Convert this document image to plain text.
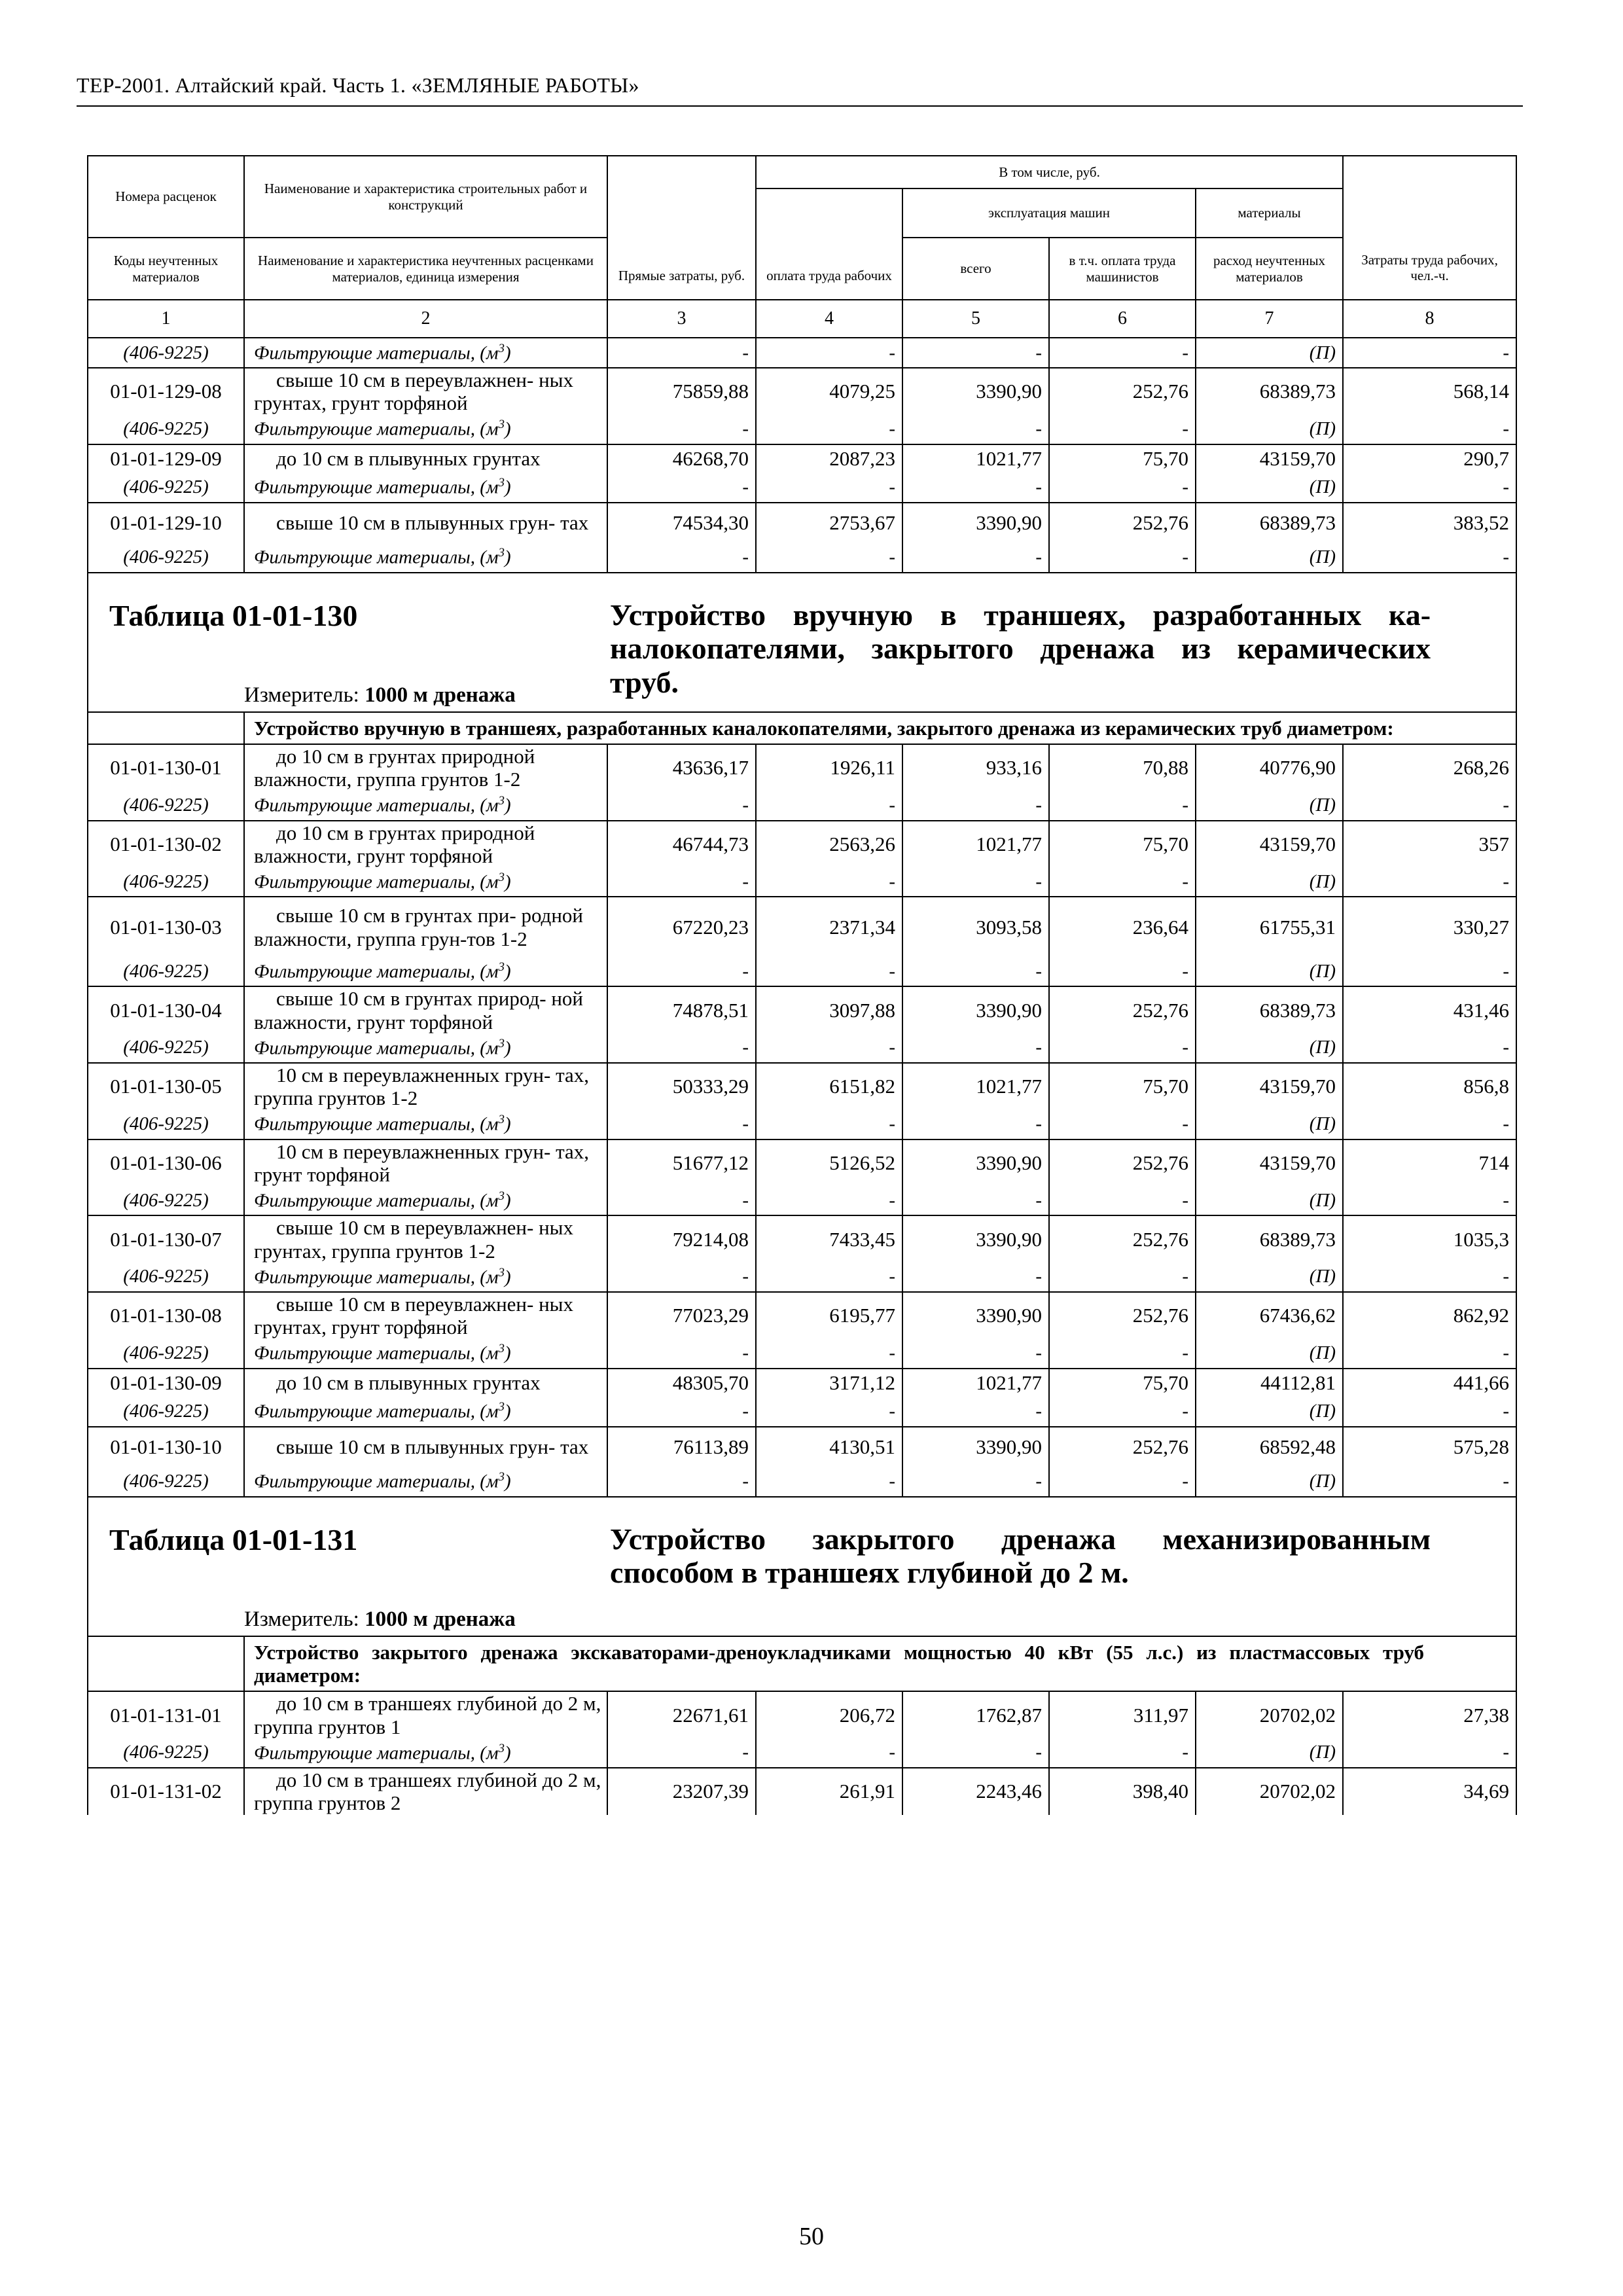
ТЕР-2001. Алтайский край. Часть 1. «ЗЕМЛЯНЫЕ РАБОТЫ»
Номера расценок	Наименование и характеристика строительных работ и конструкций	Прямые затраты, руб.	В том числе, руб.				Затраты труда рабочих, чел.-ч.
			оплата труда рабочих	эксплуатация машин		материалы	
Коды неучтенных материалов	Наименование и характеристика неучтенных расценками материалов, единица измерения			всего	в т.ч. оплата труда машинистов	расход неучтенных материалов	
1	2	3	4	5	6	7	8
(406-9225)	Фильтрующие материалы, $(м^3)$	-	-	-	-	(П)	-
01-01-129-08	свыше 10 см в переувлажнен- ных грунтах, грунт торфяной	75859,88	4079,25	3390,90	252,76	68389,73	568,14
(406-9225)	Фильтрующие материалы, $(м^3)$	-	-	-	-	(П)	-
01-01-129-09	до 10 см в плывунных грунтах	46268,70	2087,23	1021,77	75,70	43159,70	290,7
(406-9225)	Фильтрующие материалы, $(м^3)$	-	-	-	-	(П)	-
01-01-129-10	свыше 10 см в плывунных грун- тах	74534,30	2753,67	3390,90	252,76	68389,73	383,52
(406-9225)	Фильтрующие материалы, $(м^3)$	-	-	-	-	(П)	-
Таблица 01-01-130		Устройство вручную в траншеях, разработанных каналокопателями, закрытого дренажа из керамических труб.					
	Измеритель: 1000 м дренажа						
	Устройство вручную в траншеях, разработанных каналокопателями, закрытого дренажа из керамических труб диаметром:						
01-01-130-01	до 10 см в грунтах природной влажности, группа грунтов 1-2	43636,17	1926,11	933,16	70,88	40776,90	268,26
(406-9225)	Фильтрующие материалы, $(м^3)$	-	-	-	-	(П)	-
01-01-130-02	до 10 см в грунтах природной влажности, грунт торфяной	46744,73	2563,26	1021,77	75,70	43159,70	357
(406-9225)	Фильтрующие материалы, $(м^3)$	-	-	-	-	(П)	-
01-01-130-03	свыше 10 см в грунтах при- родной влажности, группа грун-тов 1-2	67220,23	2371,34	3093,58	236,64	61755,31	330,27
(406-9225)	Фильтрующие материалы, $(м^3)$	-	-	-	-	(П)	-
01-01-130-04	свыше 10 см в грунтах природ- ной влажности, грунт торфяной	74878,51	3097,88	3390,90	252,76	68389,73	431,46
(406-9225)	Фильтрующие материалы, $(м^3)$	-	-	-	-	(П)	-
01-01-130-05	10 см в переувлажненных грун- тах, группа грунтов 1-2	50333,29	6151,82	1021,77	75,70	43159,70	856,8
(406-9225)	Фильтрующие материалы, $(м^3)$	-	-	-	-	(П)	-
01-01-130-06	10 см в переувлажненных грун- тах, грунт торфяной	51677,12	5126,52	3390,90	252,76	43159,70	714
(406-9225)	Фильтрующие материалы, $(м^3)$	-	-	-	-	(П)	-
01-01-130-07	свыше 10 см в переувлажнен- ных грунтах, группа грунтов 1-2	79214,08	7433,45	3390,90	252,76	68389,73	1035,3
(406-9225)	Фильтрующие материалы, $(м^3)$	-	-	-	-	(П)	-
01-01-130-08	свыше 10 см в переувлажнен- ных грунтах, грунт торфяной	77023,29	6195,77	3390,90	252,76	67436,62	862,92
(406-9225)	Фильтрующие материалы, $(м^3)$	-	-	-	-	(П)	-
01-01-130-09	до 10 см в плывунных грунтах	48305,70	3171,12	1021,77	75,70	44112,81	441,66
(406-9225)	Фильтрующие материалы, $(м^3)$	-	-	-	-	(П)	-
01-01-130-10	свыше 10 см в плывунных грун- тах	76113,89	4130,51	3390,90	252,76	68592,48	575,28
(406-9225)	Фильтрующие материалы, $(м^3)$	-	-	-	-	(П)	-
Таблица 01-01-131		Устройство закрытого дренажа механизированным способом в траншеях глубиной до 2 м.					
	Измеритель: 1000 м дренажа						
	Устройство закрытого дренажа экскаваторами-дреноукладчиками мощностью 40 кВт (55 л.с.) из пластмассовых труб диаметром:						
01-01-131-01	до 10 см в траншеях глубиной до 2 м, группа грунтов 1	22671,61	206,72	1762,87	311,97	20702,02	27,38
(406-9225)	Фильтрующие материалы, $(м^3)$	-	-	-	-	(П)	-
01-01-131-02	до 10 см в траншеях глубиной до 2 м, группа грунтов 2	23207,39	261,91	2243,46	398,40	20702,02	34,69
50
